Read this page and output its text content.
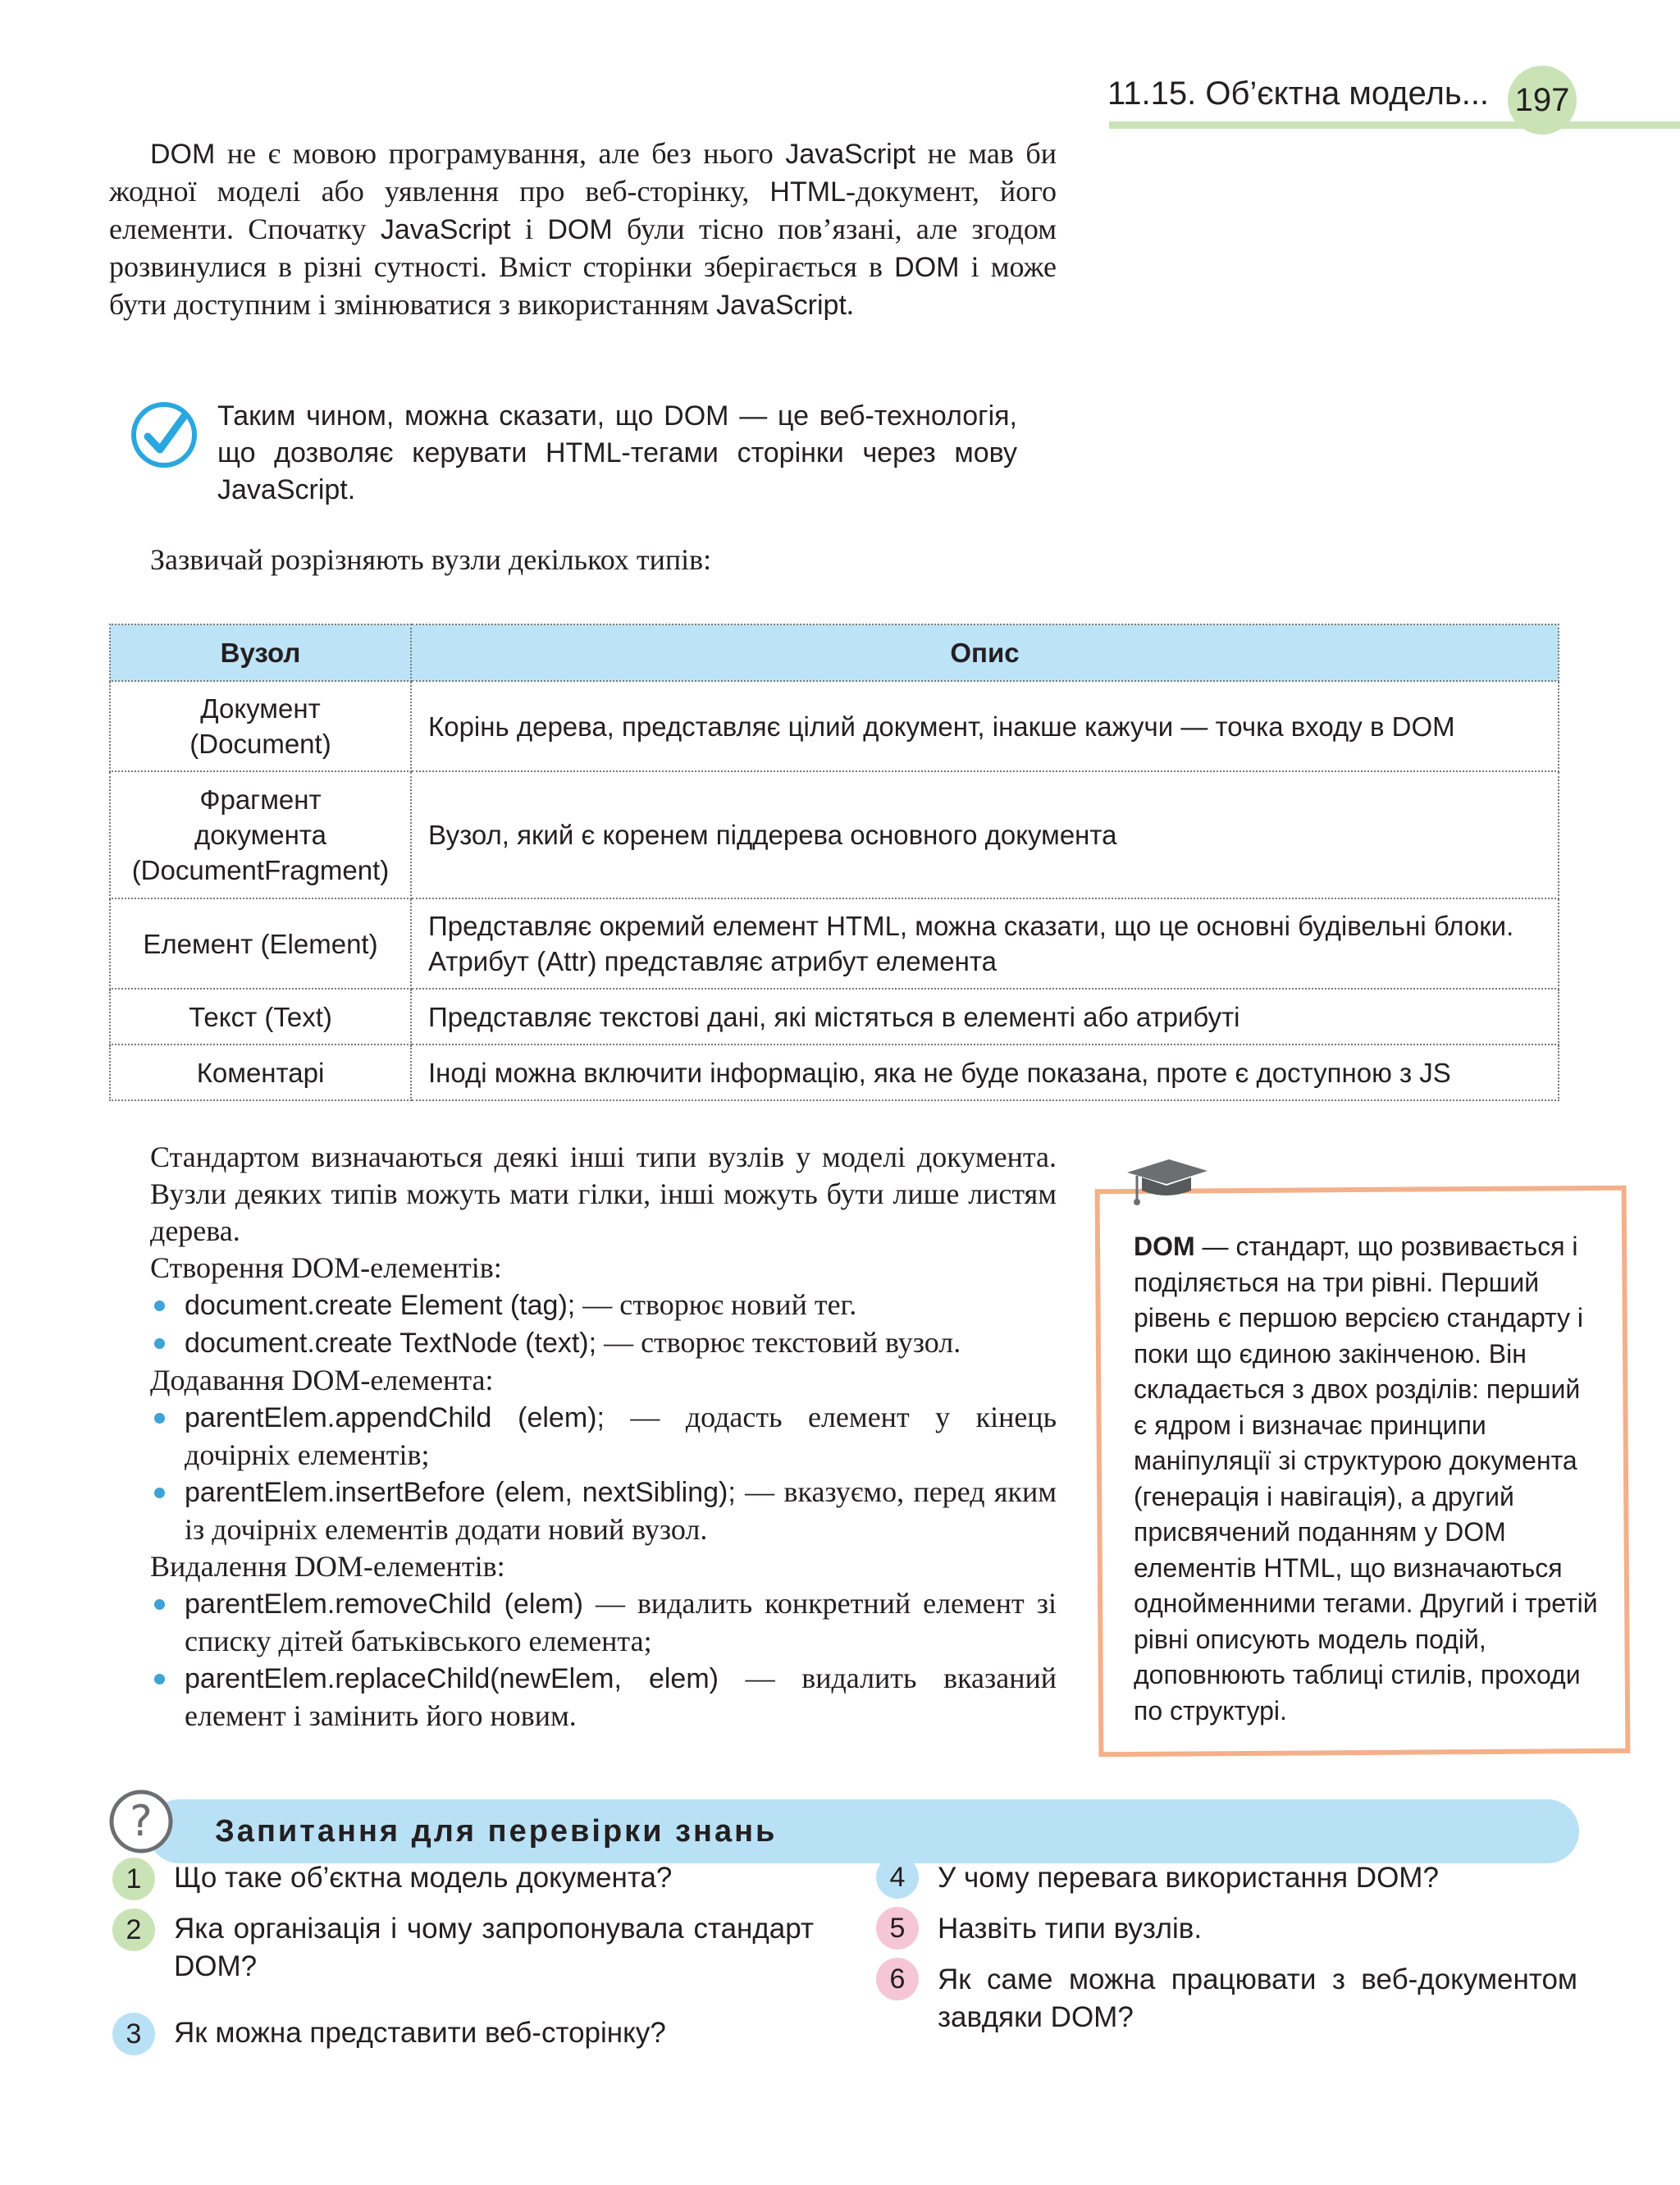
11.15. Об’єктна модель... 197

DOM не є мовою програмування, але без нього JavaScript не мав би жодної моделі або уявлення про веб-сторінку, HTML-документ, його елементи. Спочатку JavaScript і DOM були тісно пов’язані, але згодом розвинулися в різні сутності. Вміст сторінки зберігається в DOM і може бути доступним і змінюватися з використанням JavaScript.

Таким чином, можна сказати, що DOM — це веб-технологія, що дозволяє керувати HTML-тегами сторінки через мову JavaScript.

Зазвичай розрізняють вузли декількох типів:

Вузол	Опис
Документ
(Document)	Корінь дерева, представляє цілий документ, інакше кажучи — точка входу в DOM
Фрагмент
документа
(DocumentFragment)	Вузол, який є коренем піддерева основного документа
Елемент (Element)	Представляє окремий елемент HTML, можна сказати, що це основні будівельні блоки. Атрибут (Attr) представляє атрибут елемента
Текст (Text)	Представляє текстові дані, які містяться в елементі або атрибуті
Коментарі	Іноді можна включити інформацію, яка не буде показана, проте є доступною з JS

Стандартом визначаються деякі інші типи вузлів у моделі документа. Вузли деяких типів можуть мати гілки, інші можуть бути лише листям дерева.

Створення DOM-елементів:

document.create Element (tag); — створює новий тег.

document.create TextNode (text); — створює текстовий вузол.

Додавання DOM-елемента:

parentElem.appendChild (elem); — додасть елемент у кінець дочірніх елементів;

parentElem.insertBefore (elem, nextSibling); — вказуємо, перед яким із дочірніх елементів додати новий вузол.

Видалення DOM-елементів:

parentElem.removeChild (elem) — видалить конкретний елемент зі списку дітей батьківського елемента;

parentElem.replaceChild(newElem, elem) — видалить вказаний елемент і замінить його новим.

DOM — стандарт, що розвивається і поділяється на три рівні. Перший рівень є першою версією стандарту і поки що єдиною закінченою. Він складається з двох розділів: перший є ядром і визначає принципи маніпуляції зі структурою документа (генерація і навігація), а другий присвячений поданням у DOM елементів HTML, що визначаються однойменними тегами. Другий і третій рівні описують модель подій, доповнюють таблиці стилів, проходи по структурі.

? Запитання для перевірки знань
1	Що таке об’єктна модель документа?

2	Яка організація і чому запропонувала стандарт DOM?

3	Як можна представити веб-сторінку?

4	У чому перевага використання DOM?

5	Назвіть типи вузлів.

6	Як саме можна працювати з веб-документом завдяки DOM?
